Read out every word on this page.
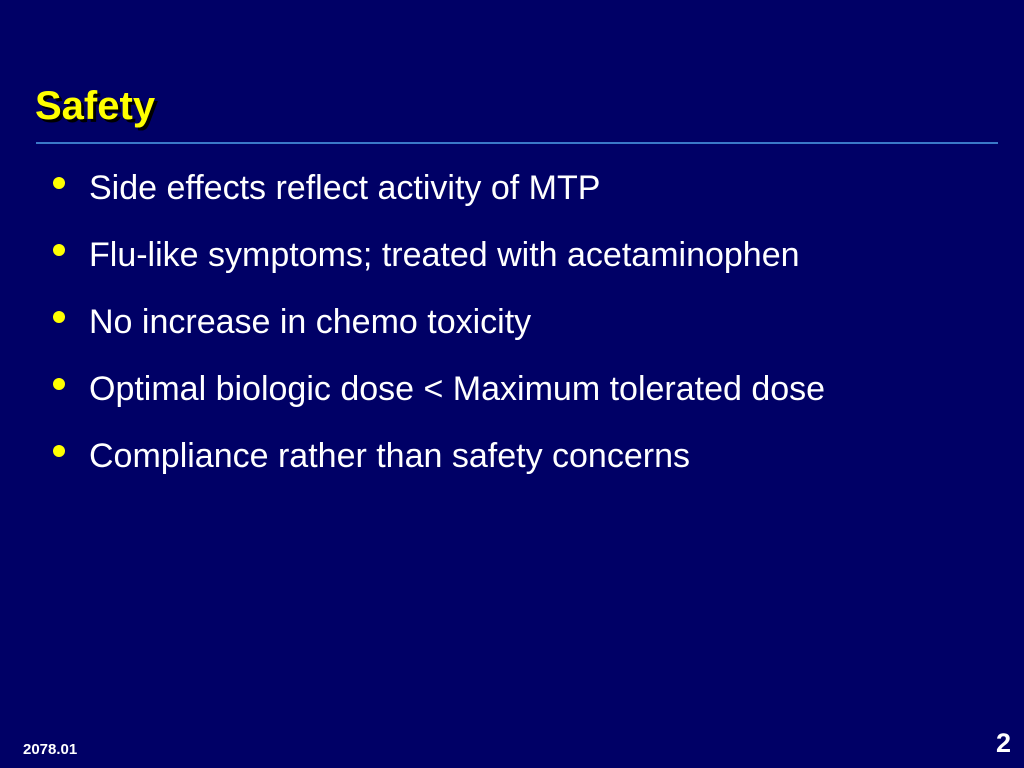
Safety
Side effects reflect activity of MTP
Flu-like symptoms; treated with acetaminophen
No increase in chemo toxicity
Optimal biologic dose < Maximum tolerated dose
Compliance rather than safety concerns
2078.01	2
